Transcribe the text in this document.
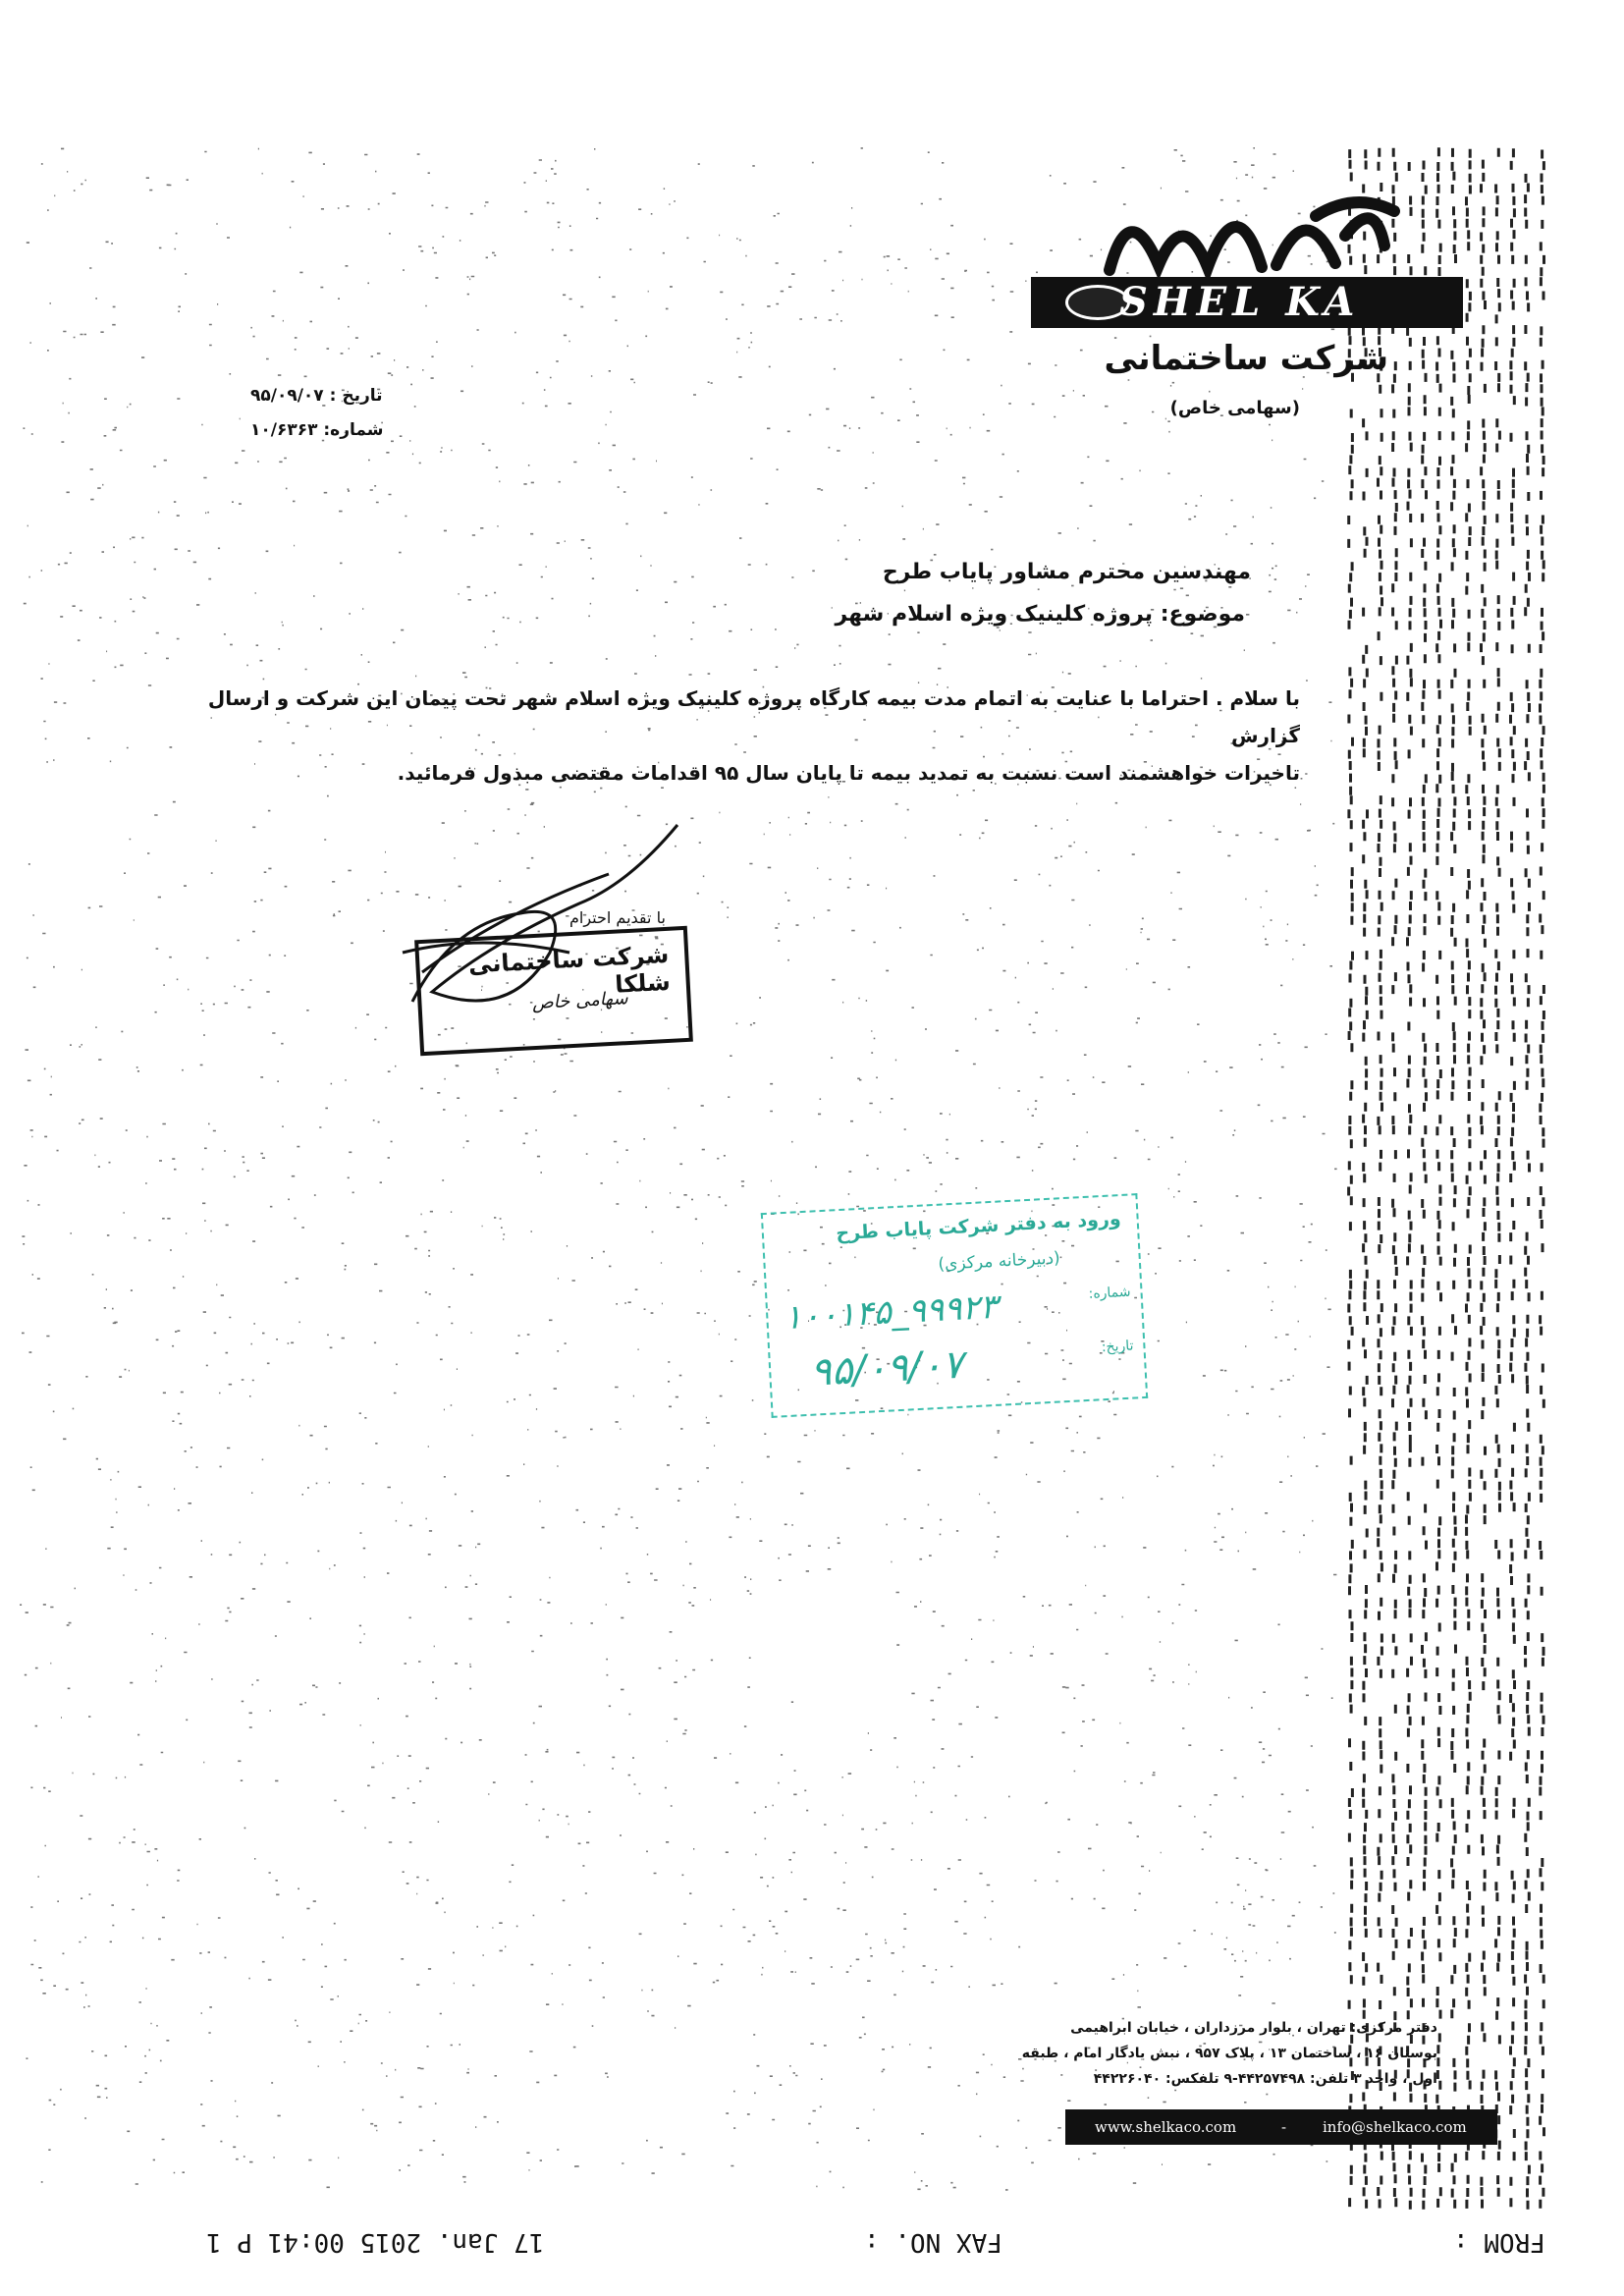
SHEL KA
شرکت ساختمانی
(سهامی خاص)
تاریخ : ۹۵/۰۹/۰۷
شماره: ۱۰/۶۳۶۳
مهندسین محترم مشاور پایاب طرح
موضوع: پروژه کلینیک ویژه اسلام شهر
با سلام . احتراما با عنایت به اتمام مدت بیمه کارگاه پروژه کلینیک ویژه اسلام شهر تحت پیمان این شرکت و ارسال گزارش
تاخیرات خواهشمند است نسبت به تمدید بیمه تا پایان سال ۹۵ اقدامات مقتضی مبذول فرمائید.
با تقدیم احترام
شرکت ساختمانی شلکا
سهامی خاص
ورود به دفتر شرکت پایاب طرح
(دبیرخانه مرکزی)
شماره:
۱۰۰۱۴۵_۹۹۹۲۳
تاریخ:
۹۵/۰۹/۰۷
دفتر مرکزی: تهران ، بلوار مرزداران ، خیابان ابراهیمی
بوستان ۱۶ ، ساختمان ۱۳ ، پلاک ۹۵۷ ، نبش یادگار امام ، طبقه
اول ، واحد ۳ تلفن: ۴۴۲۵۷۴۹۸-۹ تلفکس: ۴۴۲۲۶۰۴۰
www.shelkaco.com	- info@shelkaco.com
FROM :
FAX NO. :
17 Jan. 2015 00:41 P 1
